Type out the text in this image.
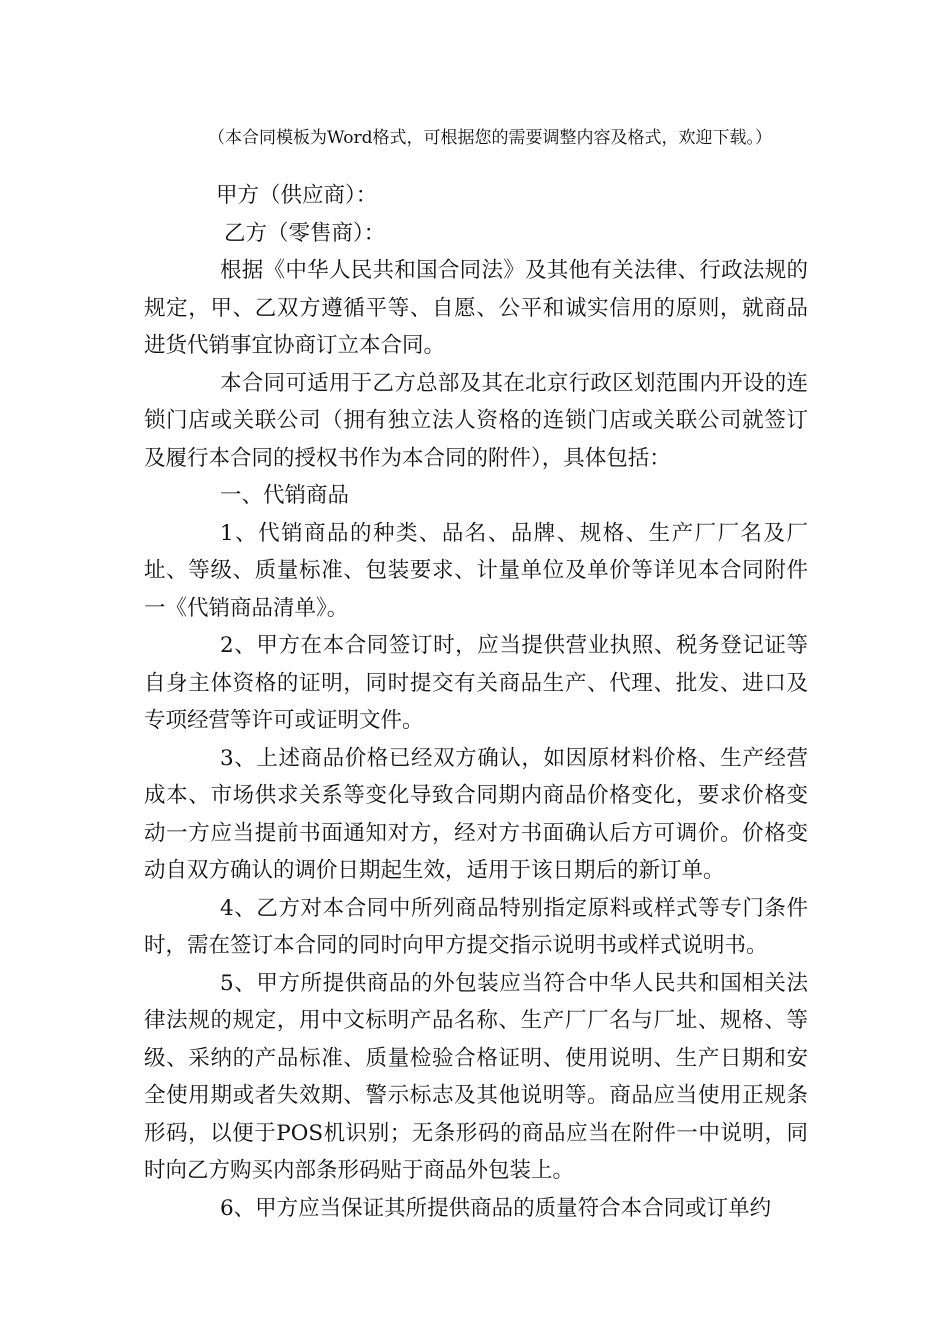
（本合同模板为Word格式，可根据您的需要调整内容及格式，欢迎下载。）

甲方（供应商）：

乙方（零售商）：

根据《中华人民共和国合同法》及其他有关法律、行政法规的规定，甲、乙双方遵循平等、自愿、公平和诚实信用的原则，就商品进货代销事宜协商订立本合同。

本合同可适用于乙方总部及其在北京行政区划范围内开设的连锁门店或关联公司（拥有独立法人资格的连锁门店或关联公司就签订及履行本合同的授权书作为本合同的附件），具体包括：

一、代销商品

1、代销商品的种类、品名、品牌、规格、生产厂厂名及厂址、等级、质量标准、包装要求、计量单位及单价等详见本合同附件一《代销商品清单》。

2、甲方在本合同签订时，应当提供营业执照、税务登记证等自身主体资格的证明，同时提交有关商品生产、代理、批发、进口及专项经营等许可或证明文件。

3、上述商品价格已经双方确认，如因原材料价格、生产经营成本、市场供求关系等变化导致合同期内商品价格变化，要求价格变动一方应当提前书面通知对方，经对方书面确认后方可调价。价格变动自双方确认的调价日期起生效，适用于该日期后的新订单。

4、乙方对本合同中所列商品特别指定原料或样式等专门条件时，需在签订本合同的同时向甲方提交指示说明书或样式说明书。

5、甲方所提供商品的外包装应当符合中华人民共和国相关法律法规的规定，用中文标明产品名称、生产厂厂名与厂址、规格、等级、采纳的产品标准、质量检验合格证明、使用说明、生产日期和安全使用期或者失效期、警示标志及其他说明等。商品应当使用正规条形码，以便于POS机识别；无条形码的商品应当在附件一中说明，同时向乙方购买内部条形码贴于商品外包装上。

6、甲方应当保证其所提供商品的质量符合本合同或订单约
